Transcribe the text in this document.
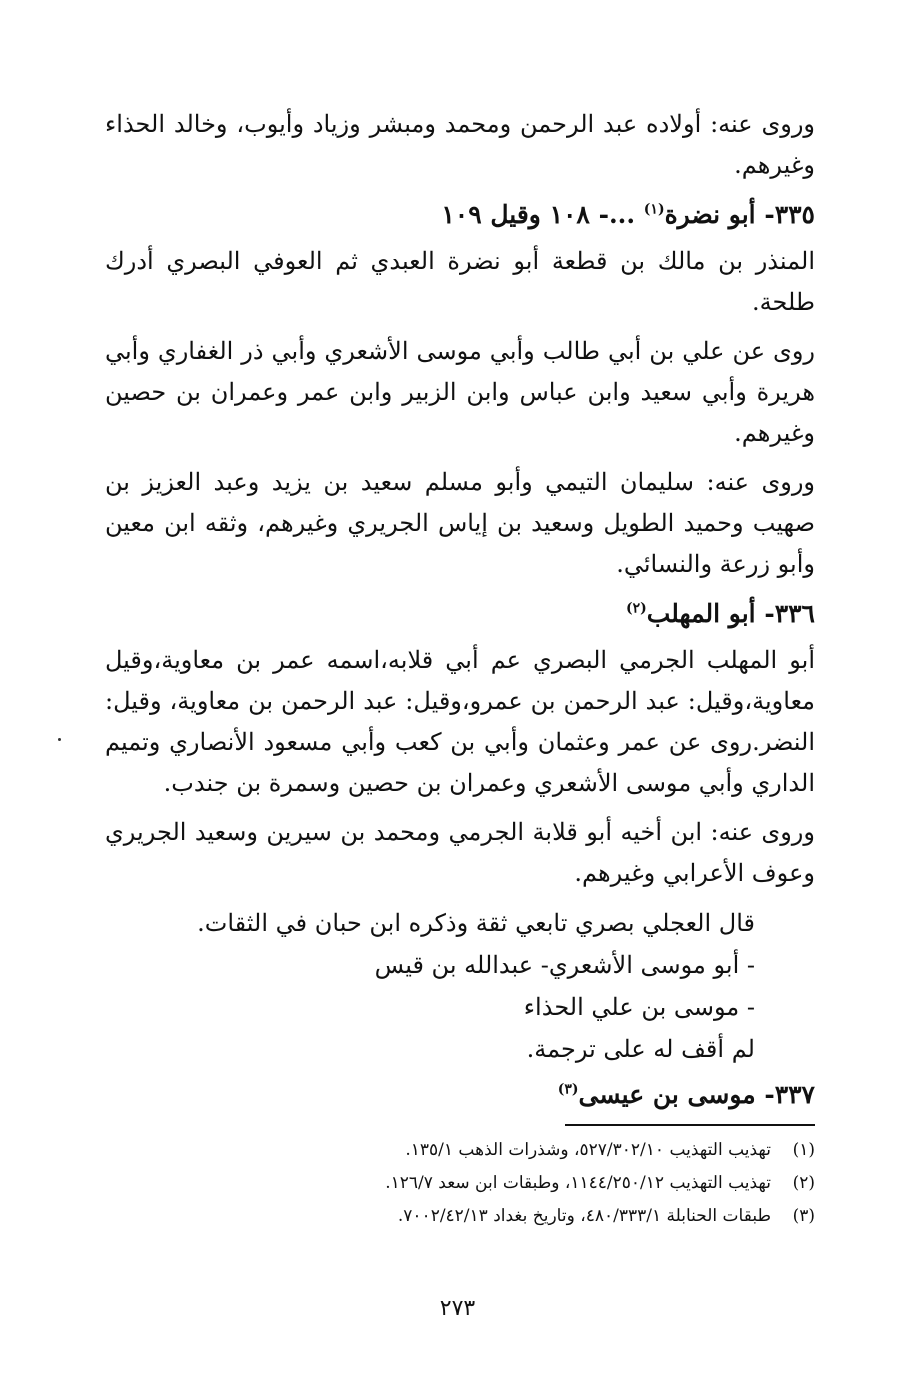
وروى عنه: أولاده عبد الرحمن ومحمد ومبشر وزياد وأيوب، وخالد الحذاء وغيرهم.

٣٣٥- أبو نضرة$^{(١)}$ ...- ١٠٨ وقيل ١٠٩

المنذر بن مالك بن قطعة أبو نضرة العبدي ثم العوفي البصري أدرك طلحة.

روى عن علي بن أبي طالب وأبي موسى الأشعري وأبي ذر الغفاري وأبي هريرة وأبي سعيد وابن عباس وابن الزبير وابن عمر وعمران بن حصين وغيرهم.

وروى عنه: سليمان التيمي وأبو مسلم سعيد بن يزيد وعبد العزيز بن صهيب وحميد الطويل وسعيد بن إياس الجريري وغيرهم، وثقه ابن معين وأبو زرعة والنسائي.

٣٣٦- أبو المهلب$^{(٢)}$

أبو المهلب الجرمي البصري عم أبي قلابه،اسمه عمر بن معاوية،وقيل معاوية،وقيل: عبد الرحمن بن عمرو،وقيل: عبد الرحمن بن معاوية، وقيل: النضر.روى عن عمر وعثمان وأبي بن كعب وأبي مسعود الأنصاري وتميم الداري وأبي موسى الأشعري وعمران بن حصين وسمرة بن جندب.

وروى عنه: ابن أخيه أبو قلابة الجرمي ومحمد بن سيرين وسعيد الجريري وعوف الأعرابي وغيرهم.

قال العجلي بصري تابعي ثقة وذكره ابن حبان في الثقات.
- أبو موسى الأشعري- عبدالله بن قيس
- موسى بن علي الحذاء
لم أقف له على ترجمة.

٣٣٧- موسى بن عيسى$^{(٣)}$

(١)تهذيب التهذيب ٥٢٧/٣٠٢/١٠، وشذرات الذهب ١٣٥/١.
(٢)تهذيب التهذيب ١١٤٤/٢٥٠/١٢، وطبقات ابن سعد ١٢٦/٧.
(٣)طبقات الحنابلة ٤٨٠/٣٣٣/١، وتاريخ بغداد ٧٠٠٢/٤٢/١٣.
٢٧٣
